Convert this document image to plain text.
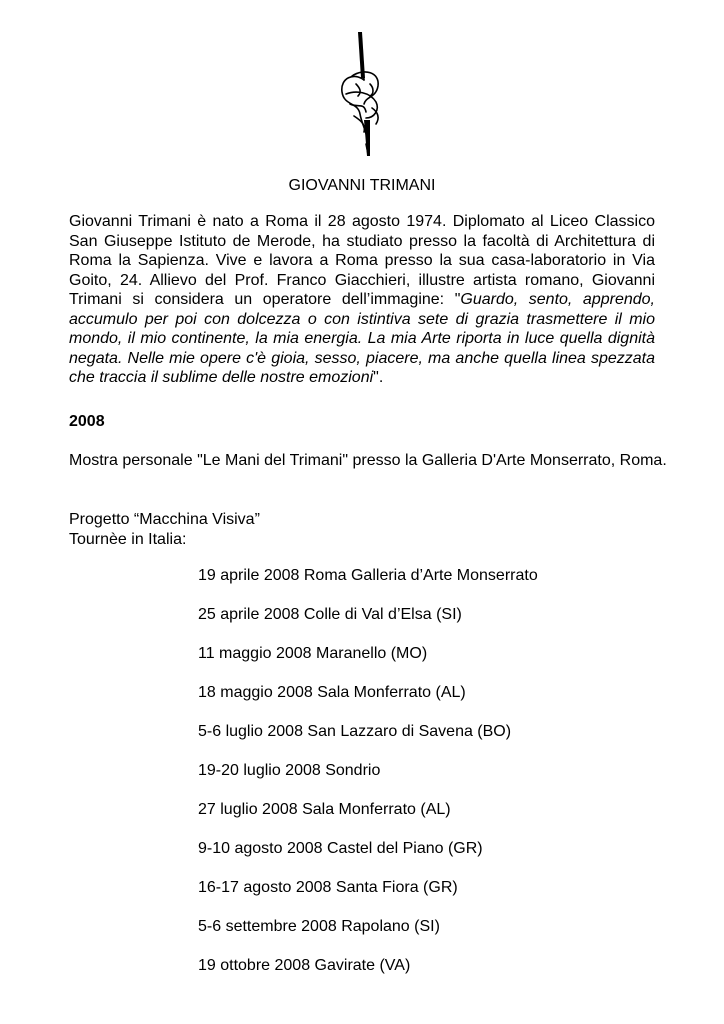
GIOVANNI TRIMANI

Giovanni Trimani è nato a Roma il 28 agosto 1974. Diplomato al Liceo Classico San Giuseppe Istituto de Merode, ha studiato presso la facoltà di Architettura di Roma la Sapienza. Vive e lavora a Roma presso la sua casa-laboratorio in Via Goito, 24. Allievo del Prof. Franco Giacchieri, illustre artista romano, Giovanni Trimani si considera un operatore dell’immagine: "Guardo, sento, apprendo, accumulo per poi con dolcezza o con istintiva sete di grazia trasmettere il mio mondo, il mio continente, la mia energia. La mia Arte riporta in luce quella dignità negata. Nelle mie opere c'è gioia, sesso, piacere, ma anche quella linea spezzata che traccia il sublime delle nostre emozioni".

2008

Mostra personale "Le Mani del Trimani" presso la Galleria D'Arte Monserrato, Roma.

Progetto “Macchina Visiva”
Tournèe in Italia:

19 aprile 2008 Roma Galleria d’Arte Monserrato
25 aprile 2008 Colle di Val d’Elsa (SI)
11 maggio 2008 Maranello (MO)
18 maggio 2008 Sala Monferrato (AL)
5-6 luglio 2008 San Lazzaro di Savena (BO)
19-20 luglio 2008 Sondrio
27 luglio 2008 Sala Monferrato (AL)
9-10 agosto 2008 Castel del Piano (GR)
16-17 agosto 2008 Santa Fiora (GR)
5-6 settembre 2008 Rapolano (SI)
19 ottobre 2008 Gavirate (VA)
